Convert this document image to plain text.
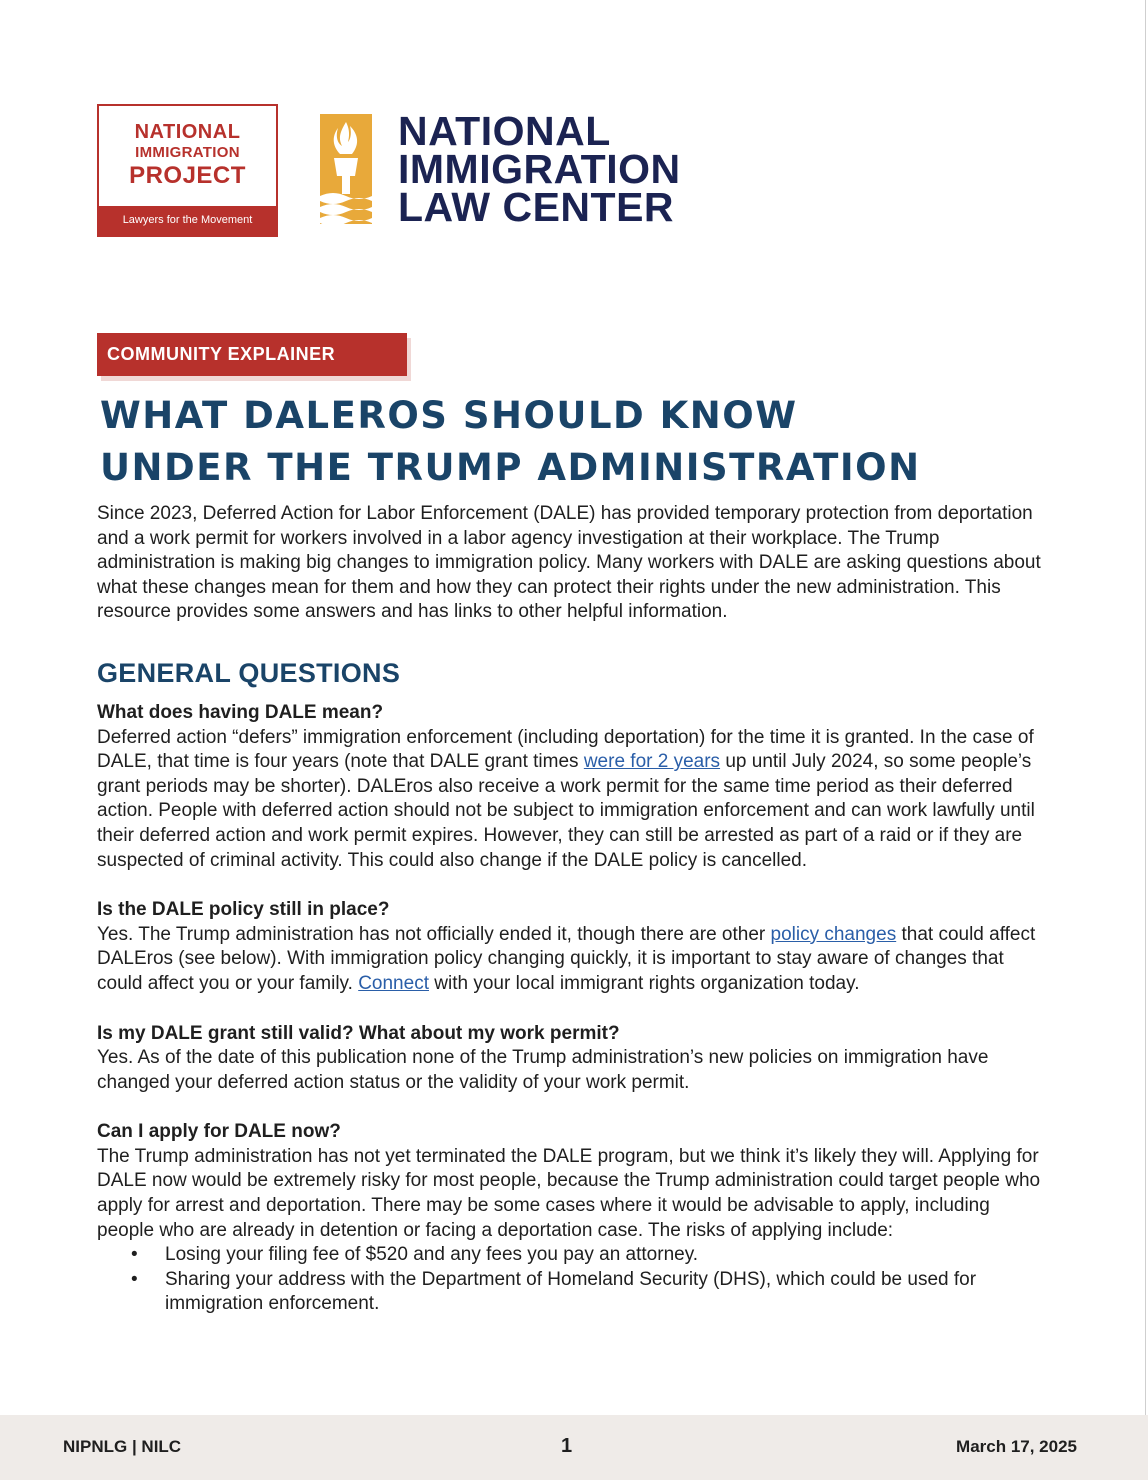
NATIONAL
IMMIGRATION
PROJECT
Lawyers for the Movement
NATIONAL
IMMIGRATION
LAW CENTER
COMMUNITY EXPLAINER
WHAT DALEROS SHOULD KNOW
UNDER THE TRUMP ADMINISTRATION

Since 2023, Deferred Action for Labor Enforcement (DALE) has provided temporary protection from deportation and a work permit for workers involved in a labor agency investigation at their workplace. The Trump administration is making big changes to immigration policy. Many workers with DALE are asking questions about what these changes mean for them and how they can protect their rights under the new administration. This resource provides some answers and has links to other helpful information.

GENERAL QUESTIONS

What does having DALE mean?

Deferred action “defers” immigration enforcement (including deportation) for the time it is granted. In the case of DALE, that time is four years (note that DALE grant times were for 2 years up until July 2024, so some people’s grant periods may be shorter). DALEros also receive a work permit for the same time period as their deferred action. People with deferred action should not be subject to immigration enforcement and can work lawfully until their deferred action and work permit expires. However, they can still be arrested as part of a raid or if they are suspected of criminal activity. This could also change if the DALE policy is cancelled.

Is the DALE policy still in place?

Yes. The Trump administration has not officially ended it, though there are other policy changes that could affect DALEros (see below). With immigration policy changing quickly, it is important to stay aware of changes that could affect you or your family. Connect with your local immigrant rights organization today.

Is my DALE grant still valid? What about my work permit?

Yes. As of the date of this publication none of the Trump administration’s new policies on immigration have changed your deferred action status or the validity of your work permit.

Can I apply for DALE now?

The Trump administration has not yet terminated the DALE program, but we think it’s likely they will. Applying for DALE now would be extremely risky for most people, because the Trump administration could target people who apply for arrest and deportation. There may be some cases where it would be advisable to apply, including people who are already in detention or facing a deportation case. The risks of applying include:

• Losing your filing fee of $520 and any fees you pay an attorney.
• Sharing your address with the Department of Homeland Security (DHS), which could be used for immigration enforcement.
NIPNLG | NILC	1	March 17, 2025
